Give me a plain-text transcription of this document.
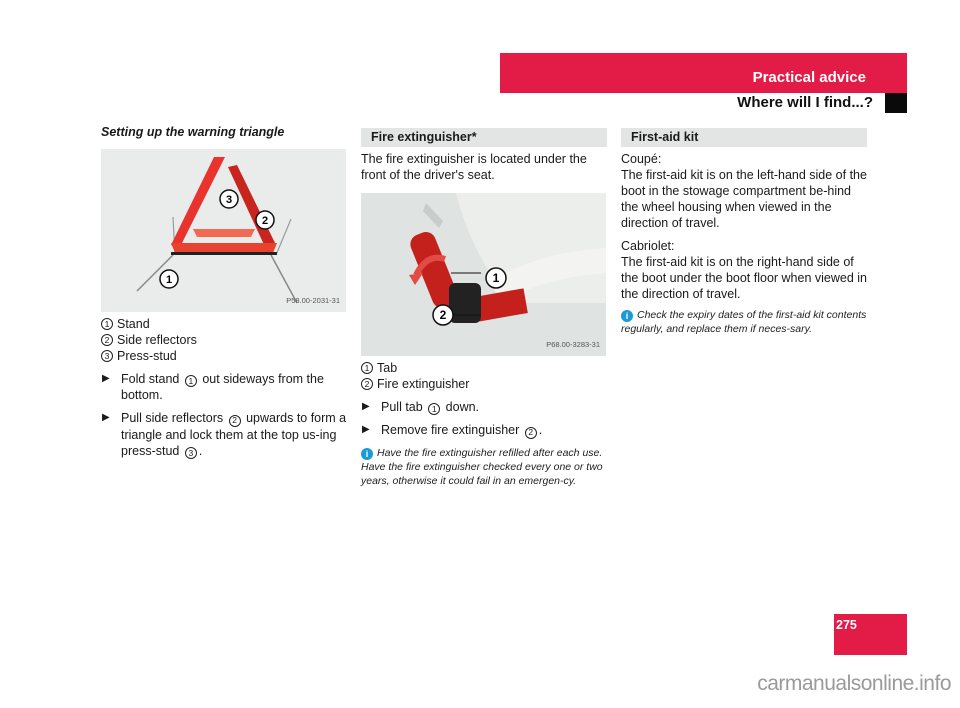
Practical advice
Where will I find...?
Setting up the warning triangle
3
2
1
P58.00-2031-31
1 Stand
2 Side reflectors
3 Press-stud
▶ Fold stand 1 out sideways from the bottom.
▶ Pull side reflectors 2 upwards to form a triangle and lock them at the top us-ing press-stud 3 .
Fire extinguisher*
The fire extinguisher is located under the front of the driver's seat.
1
2
P68.00-3283-31
1 Tab
2 Fire extinguisher
▶ Pull tab 1 down.
▶ Remove fire extinguisher 2 .
i Have the fire extinguisher refilled after each use.
Have the fire extinguisher checked every one or two years, otherwise it could fail in an emergen-cy.
First-aid kit
Coupé:
The first-aid kit is on the left-hand side of the boot in the stowage compartment be-hind the wheel housing when viewed in the direction of travel.
Cabriolet:
The first-aid kit is on the right-hand side of the boot under the boot floor when viewed in the direction of travel.
i Check the expiry dates of the first-aid kit contents regularly, and replace them if neces-sary.
275
carmanualsonline.info
